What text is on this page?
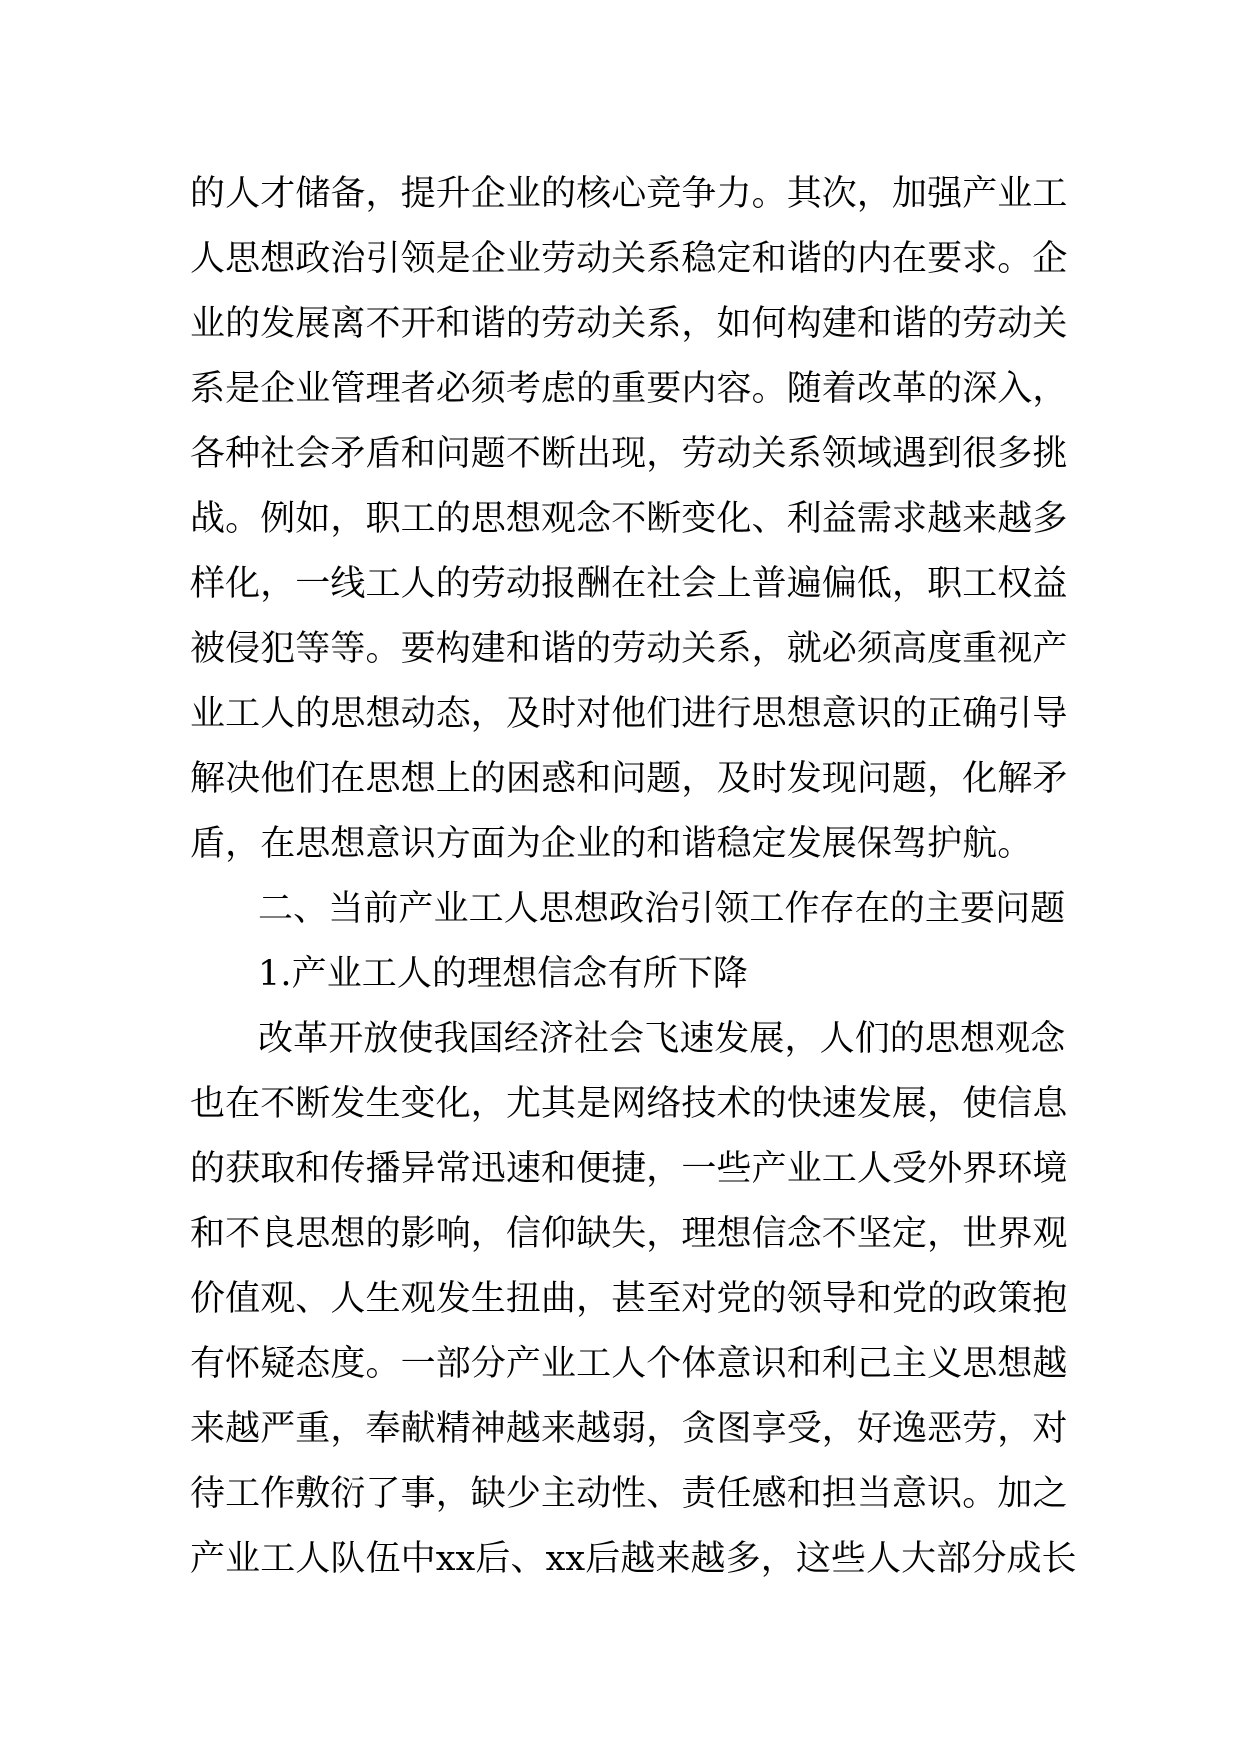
的人才储备，提升企业的核心竞争力。其次，加强产业工
人思想政治引领是企业劳动关系稳定和谐的内在要求。企
业的发展离不开和谐的劳动关系，如何构建和谐的劳动关
系是企业管理者必须考虑的重要内容。随着改革的深入，
各种社会矛盾和问题不断出现，劳动关系领域遇到很多挑
战。例如，职工的思想观念不断变化、利益需求越来越多
样化，一线工人的劳动报酬在社会上普遍偏低，职工权益
被侵犯等等。要构建和谐的劳动关系，就必须高度重视产
业工人的思想动态，及时对他们进行思想意识的正确引导
解决他们在思想上的困惑和问题，及时发现问题，化解矛
盾，在思想意识方面为企业的和谐稳定发展保驾护航。
二、当前产业工人思想政治引领工作存在的主要问题
1.产业工人的理想信念有所下降
改革开放使我国经济社会飞速发展，人们的思想观念
也在不断发生变化，尤其是网络技术的快速发展，使信息
的获取和传播异常迅速和便捷，一些产业工人受外界环境
和不良思想的影响，信仰缺失，理想信念不坚定，世界观
价值观、人生观发生扭曲，甚至对党的领导和党的政策抱
有怀疑态度。一部分产业工人个体意识和利己主义思想越
来越严重，奉献精神越来越弱，贪图享受，好逸恶劳，对
待工作敷衍了事，缺少主动性、责任感和担当意识。加之
产业工人队伍中xx后、xx后越来越多，这些人大部分成长
